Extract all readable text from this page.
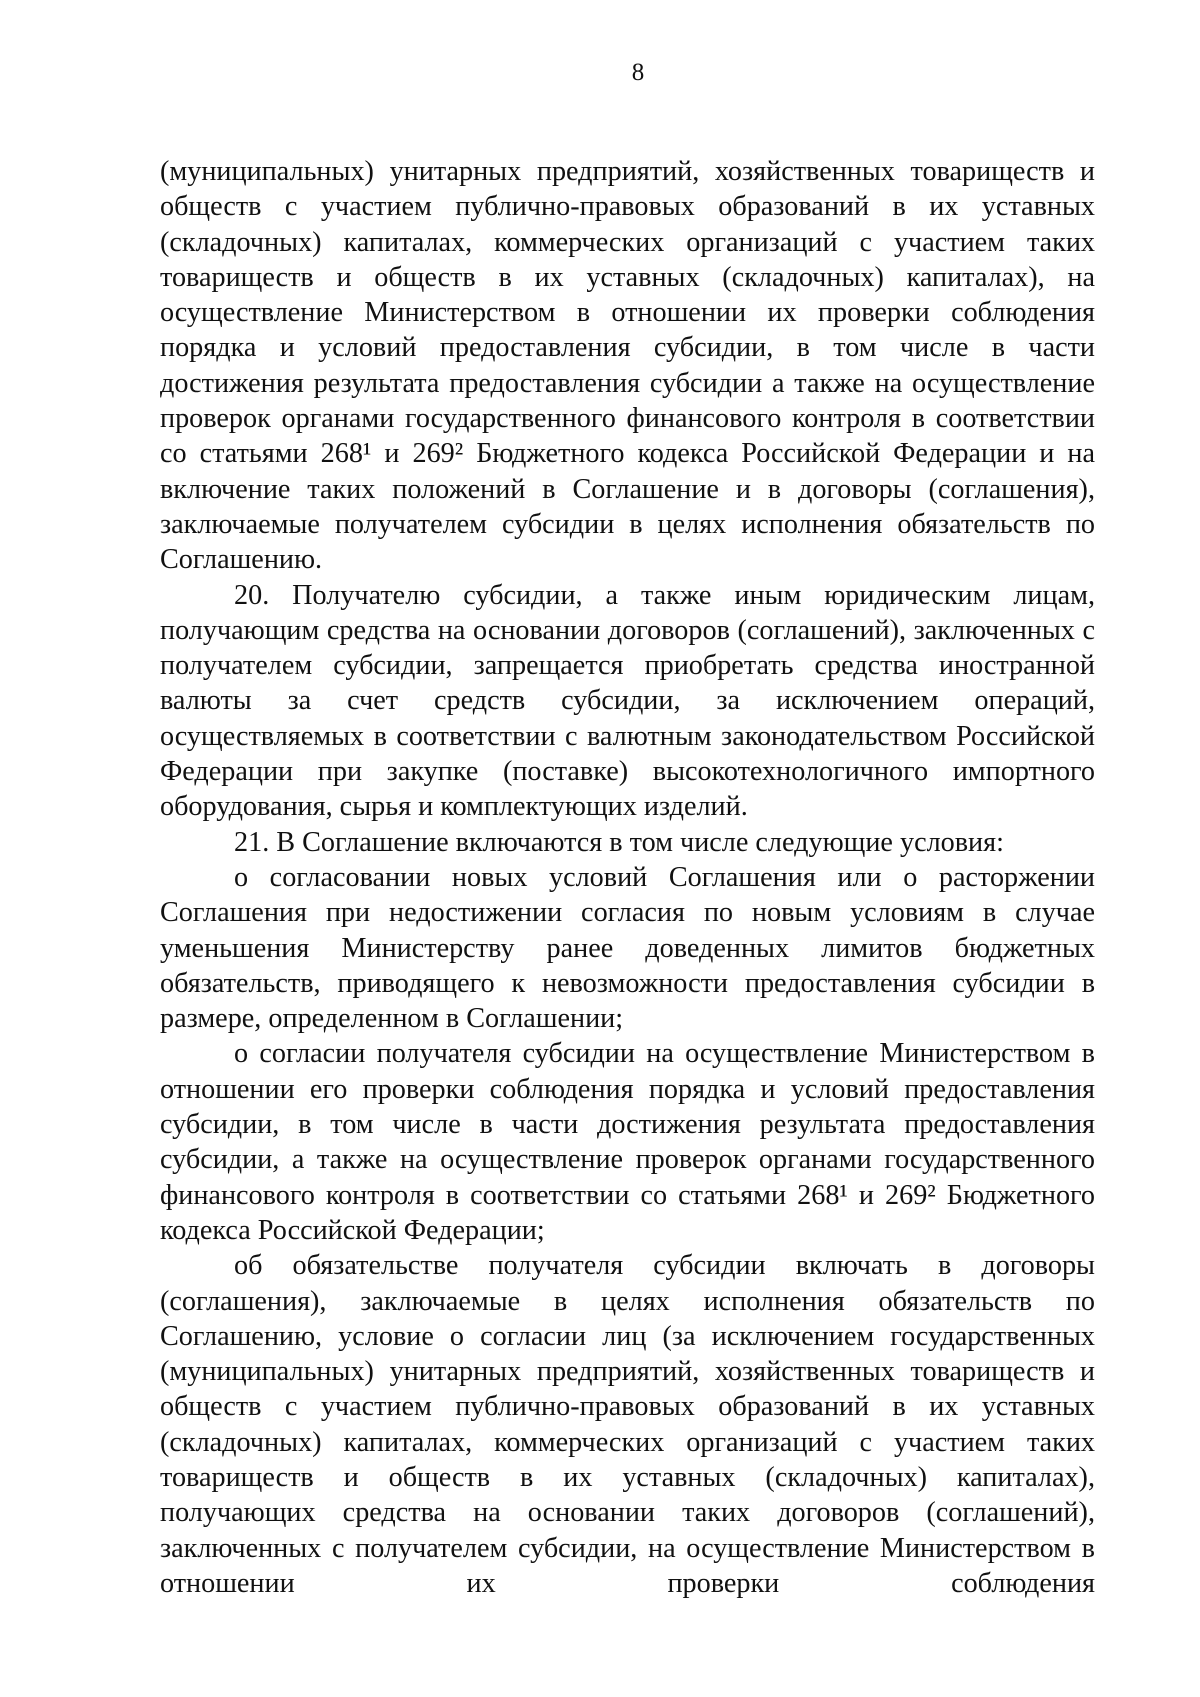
8

(муниципальных) унитарных предприятий, хозяйственных товариществ и обществ с участием публично-правовых образований в их уставных (складочных) капиталах, коммерческих организаций с участием таких товариществ и обществ в их уставных (складочных) капиталах), на осуществление Министерством в отношении их проверки соблюдения порядка и условий предоставления субсидии, в том числе в части достижения результата предоставления субсидии а также на осуществление проверок органами государственного финансового контроля в соответствии со статьями 268¹ и 269² Бюджетного кодекса Российской Федерации и на включение таких положений в Соглашение и в договоры (соглашения), заключаемые получателем субсидии в целях исполнения обязательств по Соглашению.

20. Получателю субсидии, а также иным юридическим лицам, получающим средства на основании договоров (соглашений), заключенных с получателем субсидии, запрещается приобретать средства иностранной валюты за счет средств субсидии, за исключением операций, осуществляемых в соответствии с валютным законодательством Российской Федерации при закупке (поставке) высокотехнологичного импортного оборудования, сырья и комплектующих изделий.

21. В Соглашение включаются в том числе следующие условия:

о согласовании новых условий Соглашения или о расторжении Соглашения при недостижении согласия по новым условиям в случае уменьшения Министерству ранее доведенных лимитов бюджетных обязательств, приводящего к невозможности предоставления субсидии в размере, определенном в Соглашении;

о согласии получателя субсидии на осуществление Министерством в отношении его проверки соблюдения порядка и условий предоставления субсидии, в том числе в части достижения результата предоставления субсидии, а также на осуществление проверок органами государственного финансового контроля в соответствии со статьями 268¹ и 269² Бюджетного кодекса Российской Федерации;

об обязательстве получателя субсидии включать в договоры (соглашения), заключаемые в целях исполнения обязательств по Соглашению, условие о согласии лиц (за исключением государственных (муниципальных) унитарных предприятий, хозяйственных товариществ и обществ с участием публично-правовых образований в их уставных (складочных) капиталах, коммерческих организаций с участием таких товариществ и обществ в их уставных (складочных) капиталах), получающих средства на основании таких договоров (соглашений), заключенных с получателем субсидии, на осуществление Министерством в отношении их проверки соблюдения
